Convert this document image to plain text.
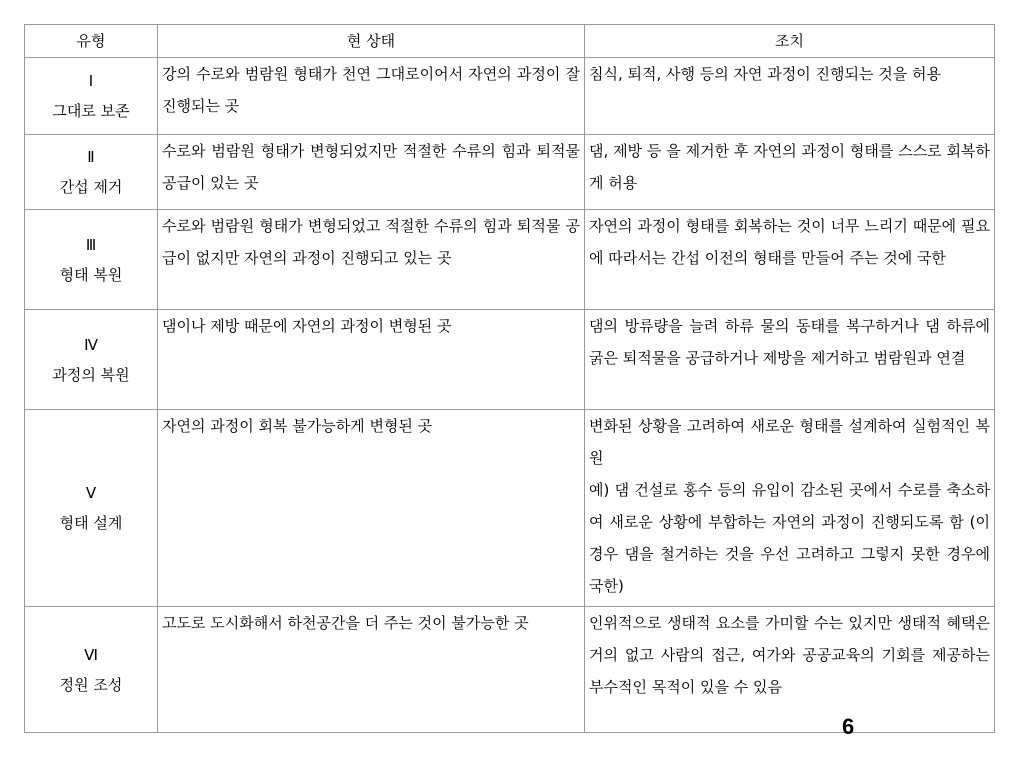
유형	현 상태	조치

Ⅰ
그대로 보존	강의 수로와 범람원 형태가 천연 그대로이어서 자연의 과정이 잘 진행되는 곳	침식, 퇴적, 사행 등의 자연 과정이 진행되는 것을 허용

Ⅱ
간섭 제거	수로와 범람원 형태가 변형되었지만 적절한 수류의 힘과 퇴적물 공급이 있는 곳	댐, 제방 등 을 제거한 후 자연의 과정이 형태를 스스로 회복하게 허용

Ⅲ
형태 복원	수로와 범람원 형태가 변형되었고 적절한 수류의 힘과 퇴적물 공급이 없지만 자연의 과정이 진행되고 있는 곳	자연의 과정이 형태를 회복하는 것이 너무 느리기 때문에 필요에 따라서는 간섭 이전의 형태를 만들어 주는 것에 국한

Ⅳ
과정의 복원	댐이나 제방 때문에 자연의 과정이 변형된 곳	댐의 방류량을 늘려 하류 물의 동태를 복구하거나 댐 하류에 굵은 퇴적물을 공급하거나 제방을 제거하고 범람원과 연결

Ⅴ
형태 설계	자연의 과정이 회복 불가능하게 변형된 곳	변화된 상황을 고려하여 새로운 형태를 설계하여 실험적인 복원
예) 댐 건설로 홍수 등의 유입이 감소된 곳에서 수로를 축소하여 새로운 상황에 부합하는 자연의 과정이 진행되도록 함 (이 경우 댐을 철거하는 것을 우선 고려하고 그렇지 못한 경우에 국한)

Ⅵ
정원 조성	고도로 도시화해서 하천공간을 더 주는 것이 불가능한 곳	인위적으로 생태적 요소를 가미할 수는 있지만 생태적 혜택은 거의 없고 사람의 접근, 여가와 공공교육의 기회를 제공하는 부수적인 목적이 있을 수 있음
6
